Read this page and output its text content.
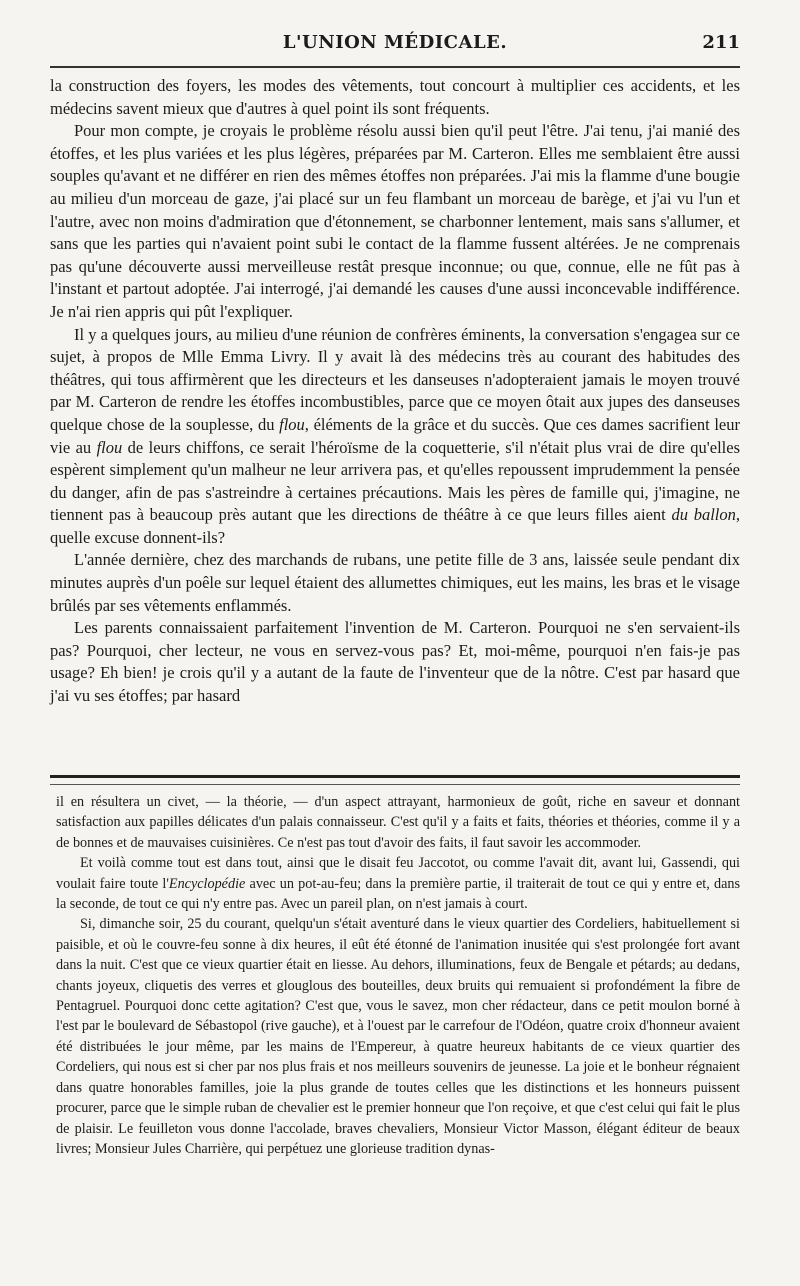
L'UNION MÉDICALE.	211

la construction des foyers, les modes des vêtements, tout concourt à multiplier ces accidents, et les médecins savent mieux que d'autres à quel point ils sont fréquents.

Pour mon compte, je croyais le problème résolu aussi bien qu'il peut l'être. J'ai tenu, j'ai manié des étoffes, et les plus variées et les plus légères, préparées par M. Carteron. Elles me semblaient être aussi souples qu'avant et ne différer en rien des mêmes étoffes non préparées. J'ai mis la flamme d'une bougie au milieu d'un morceau de gaze, j'ai placé sur un feu flambant un morceau de barège, et j'ai vu l'un et l'autre, avec non moins d'admiration que d'étonnement, se charbonner lentement, mais sans s'allumer, et sans que les parties qui n'avaient point subi le contact de la flamme fussent altérées. Je ne comprenais pas qu'une découverte aussi merveilleuse restât presque inconnue; ou que, connue, elle ne fût pas à l'instant et partout adoptée. J'ai interrogé, j'ai demandé les causes d'une aussi inconcevable indifférence. Je n'ai rien appris qui pût l'expliquer.

Il y a quelques jours, au milieu d'une réunion de confrères éminents, la conversation s'engagea sur ce sujet, à propos de Mlle Emma Livry. Il y avait là des médecins très au courant des habitudes des théâtres, qui tous affirmèrent que les directeurs et les danseuses n'adopteraient jamais le moyen trouvé par M. Carteron de rendre les étoffes incombustibles, parce que ce moyen ôtait aux jupes des danseuses quelque chose de la souplesse, du flou, éléments de la grâce et du succès. Que ces dames sacrifient leur vie au flou de leurs chiffons, ce serait l'héroïsme de la coquetterie, s'il n'était plus vrai de dire qu'elles espèrent simplement qu'un malheur ne leur arrivera pas, et qu'elles repoussent imprudemment la pensée du danger, afin de pas s'astreindre à certaines précautions. Mais les pères de famille qui, j'imagine, ne tiennent pas à beaucoup près autant que les directions de théâtre à ce que leurs filles aient du ballon, quelle excuse donnent-ils?

L'année dernière, chez des marchands de rubans, une petite fille de 3 ans, laissée seule pendant dix minutes auprès d'un poêle sur lequel étaient des allumettes chimiques, eut les mains, les bras et le visage brûlés par ses vêtements enflammés.

Les parents connaissaient parfaitement l'invention de M. Carteron. Pourquoi ne s'en servaient-ils pas? Pourquoi, cher lecteur, ne vous en servez-vous pas? Et, moi-même, pourquoi n'en fais-je pas usage? Eh bien! je crois qu'il y a autant de la faute de l'inventeur que de la nôtre. C'est par hasard que j'ai vu ses étoffes; par hasard

il en résultera un civet, — la théorie, — d'un aspect attrayant, harmonieux de goût, riche en saveur et donnant satisfaction aux papilles délicates d'un palais connaisseur. C'est qu'il y a faits et faits, théories et théories, comme il y a de bonnes et de mauvaises cuisinières. Ce n'est pas tout d'avoir des faits, il faut savoir les accommoder.

Et voilà comme tout est dans tout, ainsi que le disait feu Jaccotot, ou comme l'avait dit, avant lui, Gassendi, qui voulait faire toute l'Encyclopédie avec un pot-au-feu; dans la première partie, il traiterait de tout ce qui y entre et, dans la seconde, de tout ce qui n'y entre pas. Avec un pareil plan, on n'est jamais à court.

Si, dimanche soir, 25 du courant, quelqu'un s'était aventuré dans le vieux quartier des Cordeliers, habituellement si paisible, et où le couvre-feu sonne à dix heures, il eût été étonné de l'animation inusitée qui s'est prolongée fort avant dans la nuit. C'est que ce vieux quartier était en liesse. Au dehors, illuminations, feux de Bengale et pétards; au dedans, chants joyeux, cliquetis des verres et glouglous des bouteilles, deux bruits qui remuaient si profondément la fibre de Pentagruel. Pourquoi donc cette agitation? C'est que, vous le savez, mon cher rédacteur, dans ce petit moulon borné à l'est par le boulevard de Sébastopol (rive gauche), et à l'ouest par le carrefour de l'Odéon, quatre croix d'honneur avaient été distribuées le jour même, par les mains de l'Empereur, à quatre heureux habitants de ce vieux quartier des Cordeliers, qui nous est si cher par nos plus frais et nos meilleurs souvenirs de jeunesse. La joie et le bonheur régnaient dans quatre honorables familles, joie la plus grande de toutes celles que les distinctions et les honneurs puissent procurer, parce que le simple ruban de chevalier est le premier honneur que l'on reçoive, et que c'est celui qui fait le plus de plaisir. Le feuilleton vous donne l'accolade, braves chevaliers, Monsieur Victor Masson, élégant éditeur de beaux livres; Monsieur Jules Charrière, qui perpétuez une glorieuse tradition dynas-
